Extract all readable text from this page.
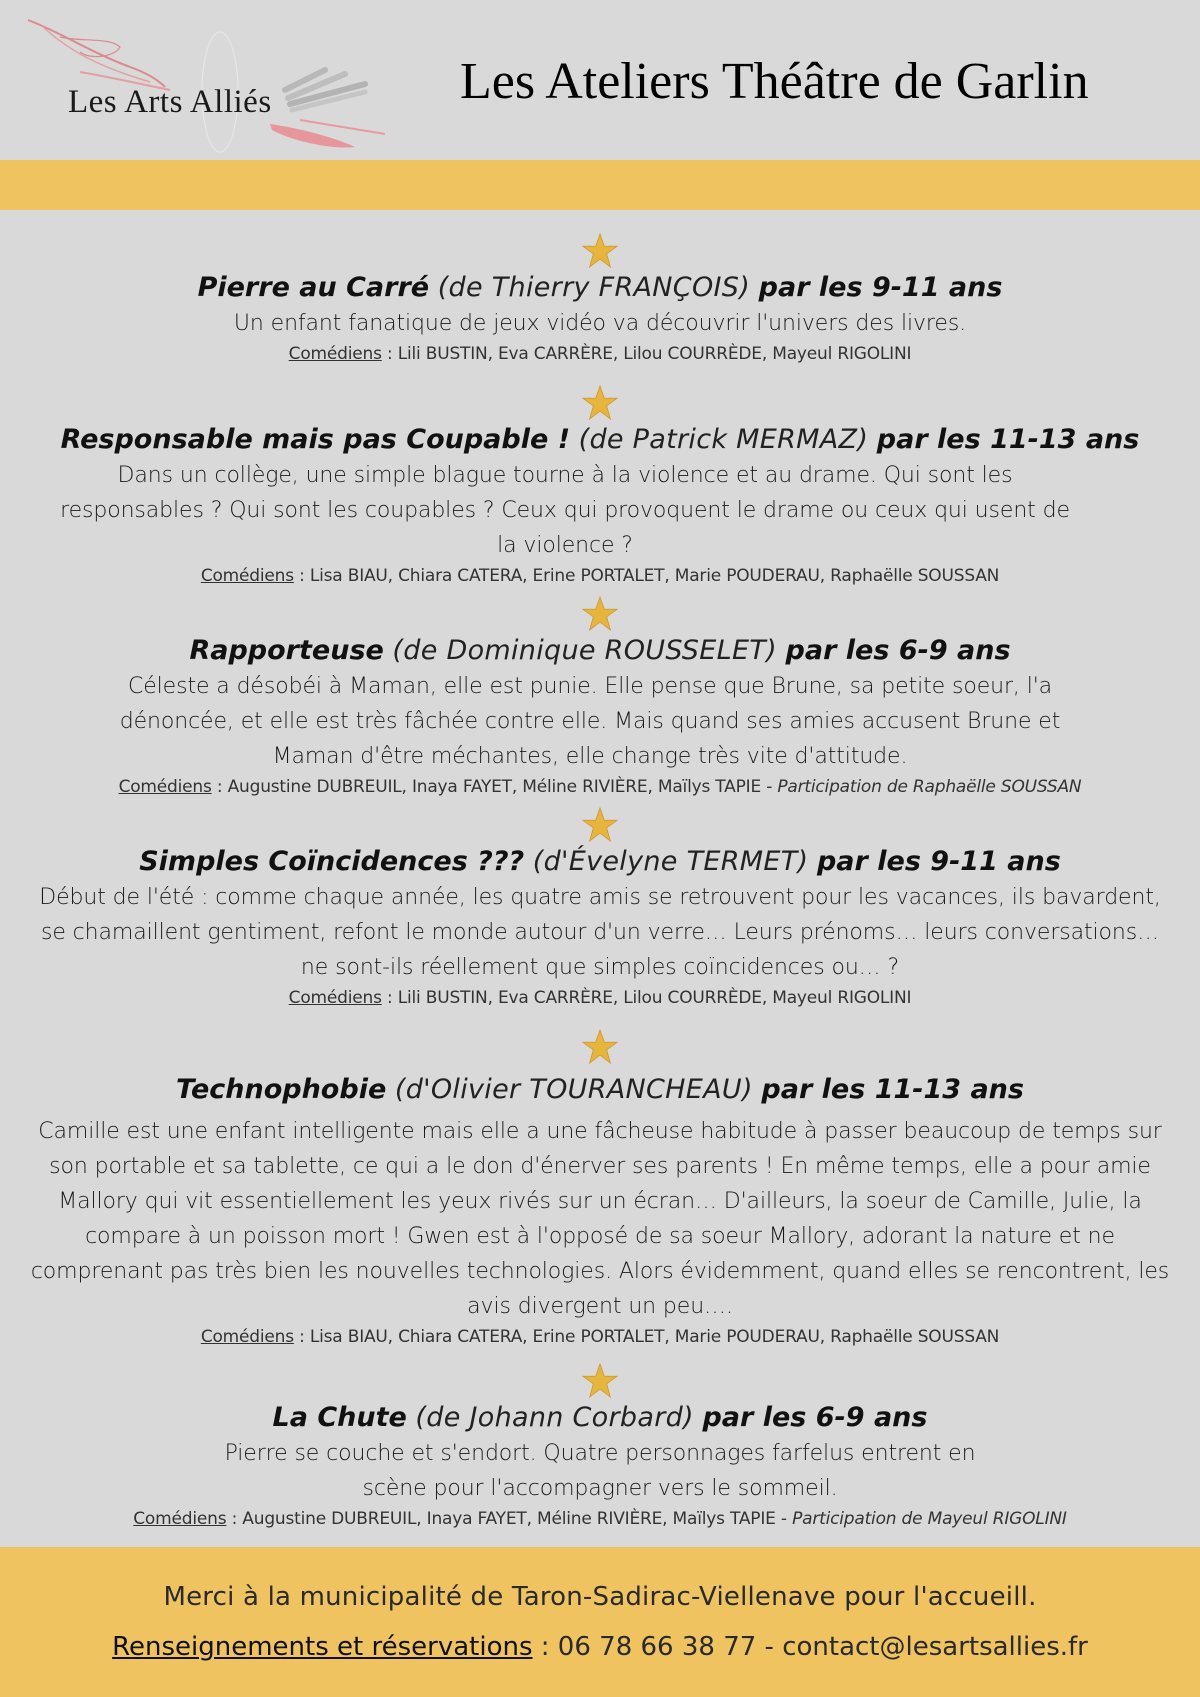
Les Arts Alliés	Les Ateliers Théâtre de Garlin
Pierre au Carré (de Thierry FRANÇOIS) par les 9-11 ans
Un enfant fanatique de jeux vidéo va découvrir l'univers des livres.
Comédiens : Lili BUSTIN, Eva CARRÈRE, Lilou COURRÈDE, Mayeul RIGOLINI
Responsable mais pas Coupable ! (de Patrick MERMAZ) par les 11-13 ans
Dans un collège, une simple blague tourne à la violence et au drame. Qui sont les responsables ? Qui sont les coupables ? Ceux qui provoquent le drame ou ceux qui usent de la violence ?
Comédiens : Lisa BIAU, Chiara CATERA, Erine PORTALET, Marie POUDERAU, Raphaëlle SOUSSAN
Rapporteuse (de Dominique ROUSSELET) par les 6-9 ans
Céleste a désobéi à Maman, elle est punie. Elle pense que Brune, sa petite soeur, l'a dénoncée, et elle est très fâchée contre elle. Mais quand ses amies accusent Brune et Maman d'être méchantes, elle change très vite d'attitude.
Comédiens : Augustine DUBREUIL, Inaya FAYET, Méline RIVIÈRE, Maïlys TAPIE - Participation de Raphaëlle SOUSSAN
Simples Coïncidences ??? (d'Évelyne TERMET) par les 9-11 ans
Début de l'été : comme chaque année, les quatre amis se retrouvent pour les vacances, ils bavardent, se chamaillent gentiment, refont le monde autour d'un verre… Leurs prénoms… leurs conversations… ne sont-ils réellement que simples coïncidences ou… ?
Comédiens : Lili BUSTIN, Eva CARRÈRE, Lilou COURRÈDE, Mayeul RIGOLINI
Technophobie (d'Olivier TOURANCHEAU) par les 11-13 ans
Camille est une enfant intelligente mais elle a une fâcheuse habitude à passer beaucoup de temps sur son portable et sa tablette, ce qui a le don d'énerver ses parents ! En même temps, elle a pour amie Mallory qui vit essentiellement les yeux rivés sur un écran… D'ailleurs, la soeur de Camille, Julie, la compare à un poisson mort ! Gwen est à l'opposé de sa soeur Mallory, adorant la nature et ne comprenant pas très bien les nouvelles technologies. Alors évidemment, quand elles se rencontrent, les avis divergent un peu….
Comédiens : Lisa BIAU, Chiara CATERA, Erine PORTALET, Marie POUDERAU, Raphaëlle SOUSSAN
La Chute (de Johann Corbard) par les 6-9 ans
Pierre se couche et s'endort. Quatre personnages farfelus entrent en scène pour l'accompagner vers le sommeil.
Comédiens : Augustine DUBREUIL, Inaya FAYET, Méline RIVIÈRE, Maïlys TAPIE - Participation de Mayeul RIGOLINI
Merci à la municipalité de Taron-Sadirac-Viellenave pour l'accueill.
Renseignements et réservations : 06 78 66 38 77 - contact@lesartsallies.fr
